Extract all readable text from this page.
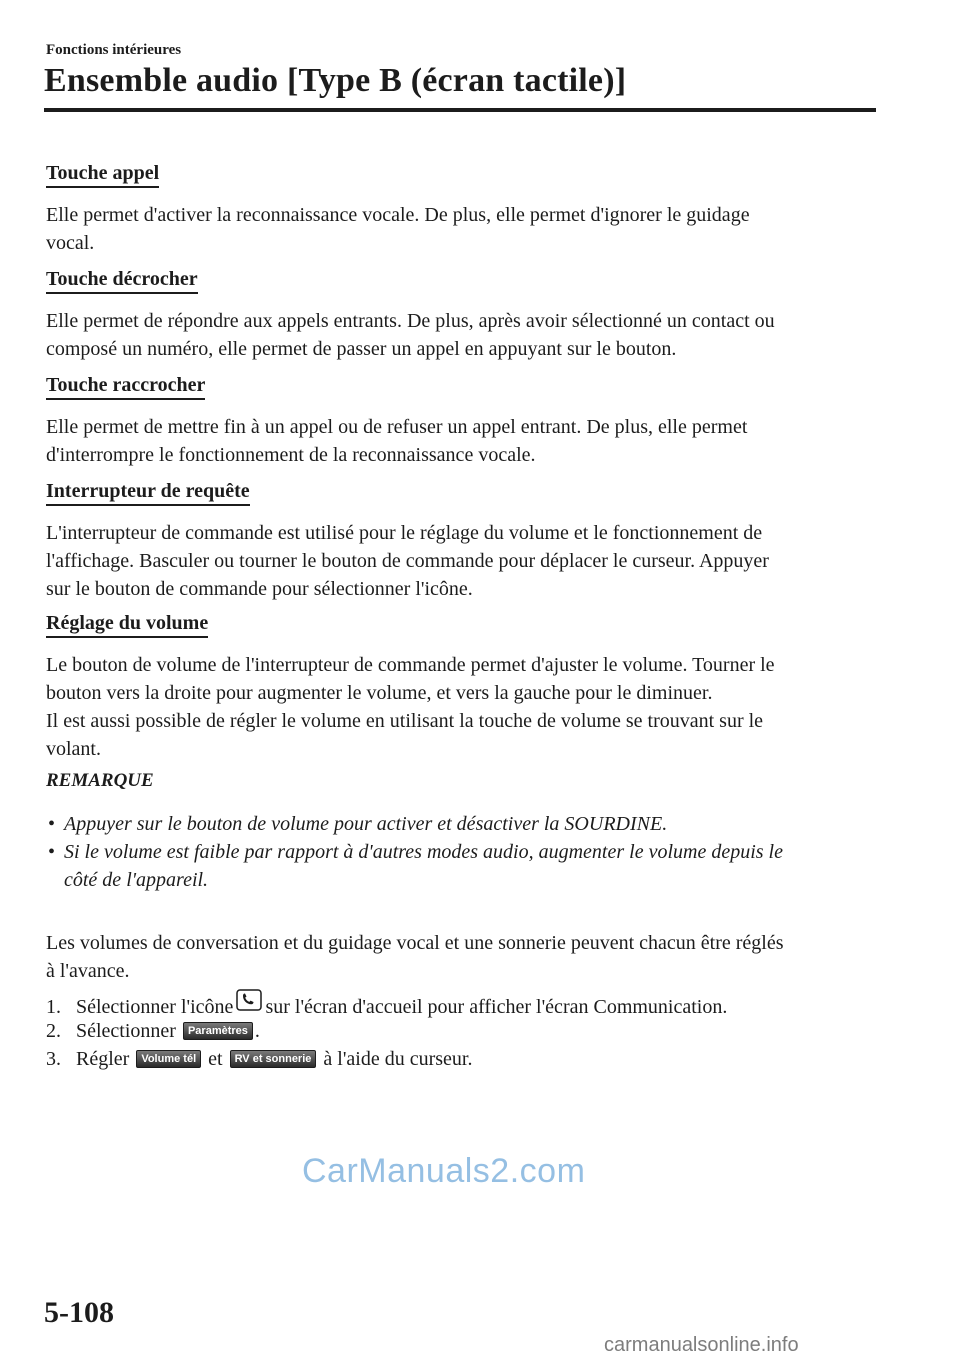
Fonctions intérieures
Ensemble audio [Type B (écran tactile)]
Touche appel
Elle permet d'activer la reconnaissance vocale. De plus, elle permet d'ignorer le guidage
vocal.
Touche décrocher
Elle permet de répondre aux appels entrants. De plus, après avoir sélectionné un contact ou
composé un numéro, elle permet de passer un appel en appuyant sur le bouton.
Touche raccrocher
Elle permet de mettre fin à un appel ou de refuser un appel entrant. De plus, elle permet
d'interrompre le fonctionnement de la reconnaissance vocale.
Interrupteur de requête
L'interrupteur de commande est utilisé pour le réglage du volume et le fonctionnement de
l'affichage. Basculer ou tourner le bouton de commande pour déplacer le curseur. Appuyer
sur le bouton de commande pour sélectionner l'icône.
Réglage du volume
Le bouton de volume de l'interrupteur de commande permet d'ajuster le volume. Tourner le
bouton vers la droite pour augmenter le volume, et vers la gauche pour le diminuer.
Il est aussi possible de régler le volume en utilisant la touche de volume se trouvant sur le
volant.
REMARQUE
• Appuyer sur le bouton de volume pour activer et désactiver la SOURDINE.
• Si le volume est faible par rapport à d'autres modes audio, augmenter le volume depuis le
côté de l'appareil.
Les volumes de conversation et du guidage vocal et une sonnerie peuvent chacun être réglés
à l'avance.
1. Sélectionner l'icône sur l'écran d'accueil pour afficher l'écran Communication.
2. Sélectionner Paramètres .
3. Régler Volume tél et RV et sonnerie à l'aide du curseur.
CarManuals2.com
5-108
carmanualsonline.info
